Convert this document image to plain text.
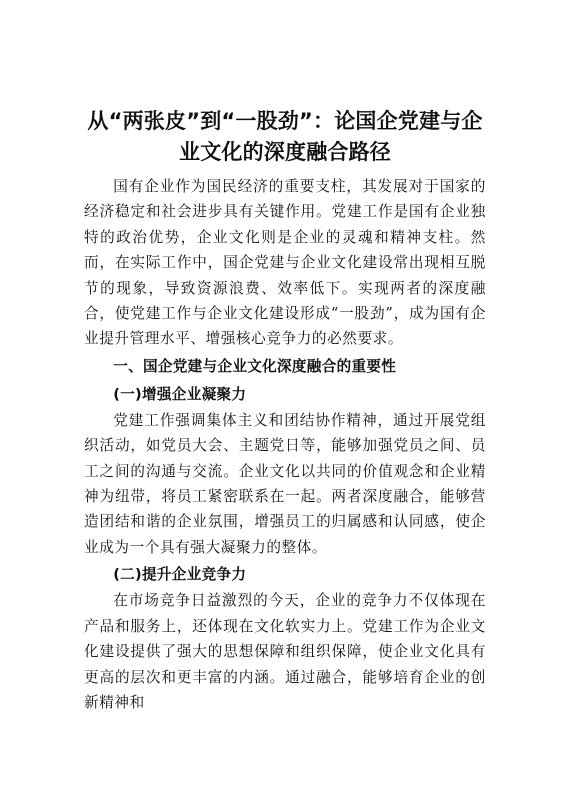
从“两张皮”到“一股劲”：论国企党建与企业文化的深度融合路径

国有企业作为国民经济的重要支柱，其发展对于国家的经济稳定和社会进步具有关键作用。党建工作是国有企业独特的政治优势，企业文化则是企业的灵魂和精神支柱。然而，在实际工作中，国企党建与企业文化建设常出现相互脱节的现象，导致资源浪费、效率低下。实现两者的深度融合，使党建工作与企业文化建设形成“一股劲”，成为国有企业提升管理水平、增强核心竞争力的必然要求。

一、国企党建与企业文化深度融合的重要性
(一)增强企业凝聚力

党建工作强调集体主义和团结协作精神，通过开展党组织活动，如党员大会、主题党日等，能够加强党员之间、员工之间的沟通与交流。企业文化以共同的价值观念和企业精神为纽带，将员工紧密联系在一起。两者深度融合，能够营造团结和谐的企业氛围，增强员工的归属感和认同感，使企业成为一个具有强大凝聚力的整体。

(二)提升企业竞争力

在市场竞争日益激烈的今天，企业的竞争力不仅体现在产品和服务上，还体现在文化软实力上。党建工作为企业文化建设提供了强大的思想保障和组织保障，使企业文化具有更高的层次和更丰富的内涵。通过融合，能够培育企业的创新精神和
